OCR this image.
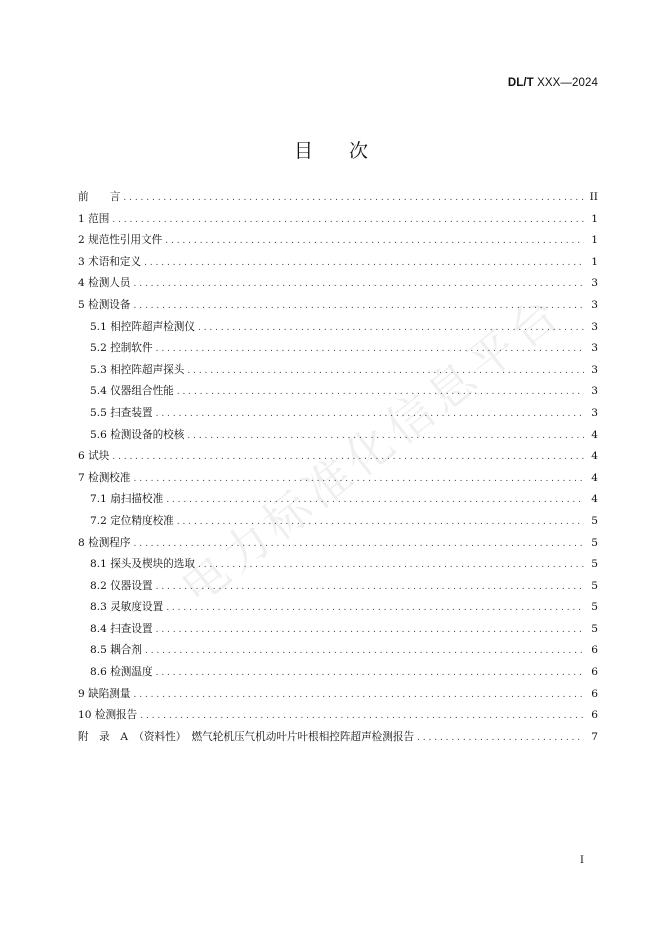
DL/T XXX—2024
目次
电力标准化信息平台
前　　言 . . .	II
1 范围 . . .	1
2 规范性引用文件 . . .	1
3 术语和定义 . . .	1
4 检测人员 . . .	3
5 检测设备 . . .	3
5.1 相控阵超声检测仪 . . .	3
5.2 控制软件 . . .	3
5.3 相控阵超声探头 . . .	3
5.4 仪器组合性能 . . .	3
5.5 扫查装置 . . .	3
5.6 检测设备的校核 . . .	4
6 试块 . . .	4
7 检测校准 . . .	4
7.1 扇扫描校准 . . .	4
7.2 定位精度校准 . . .	5
8 检测程序 . . .	5
8.1 探头及楔块的选取 . . .	5
8.2 仪器设置 . . .	5
8.3 灵敏度设置 . . .	5
8.4 扫查设置 . . .	5
8.5 耦合剂 . . .	6
8.6 检测温度 . . .	6
9 缺陷测量 . . .	6
10 检测报告 . . .	6
附　录　A　（资料性）　燃气轮机压气机动叶片叶根相控阵超声检测报告 . . .	7
I
